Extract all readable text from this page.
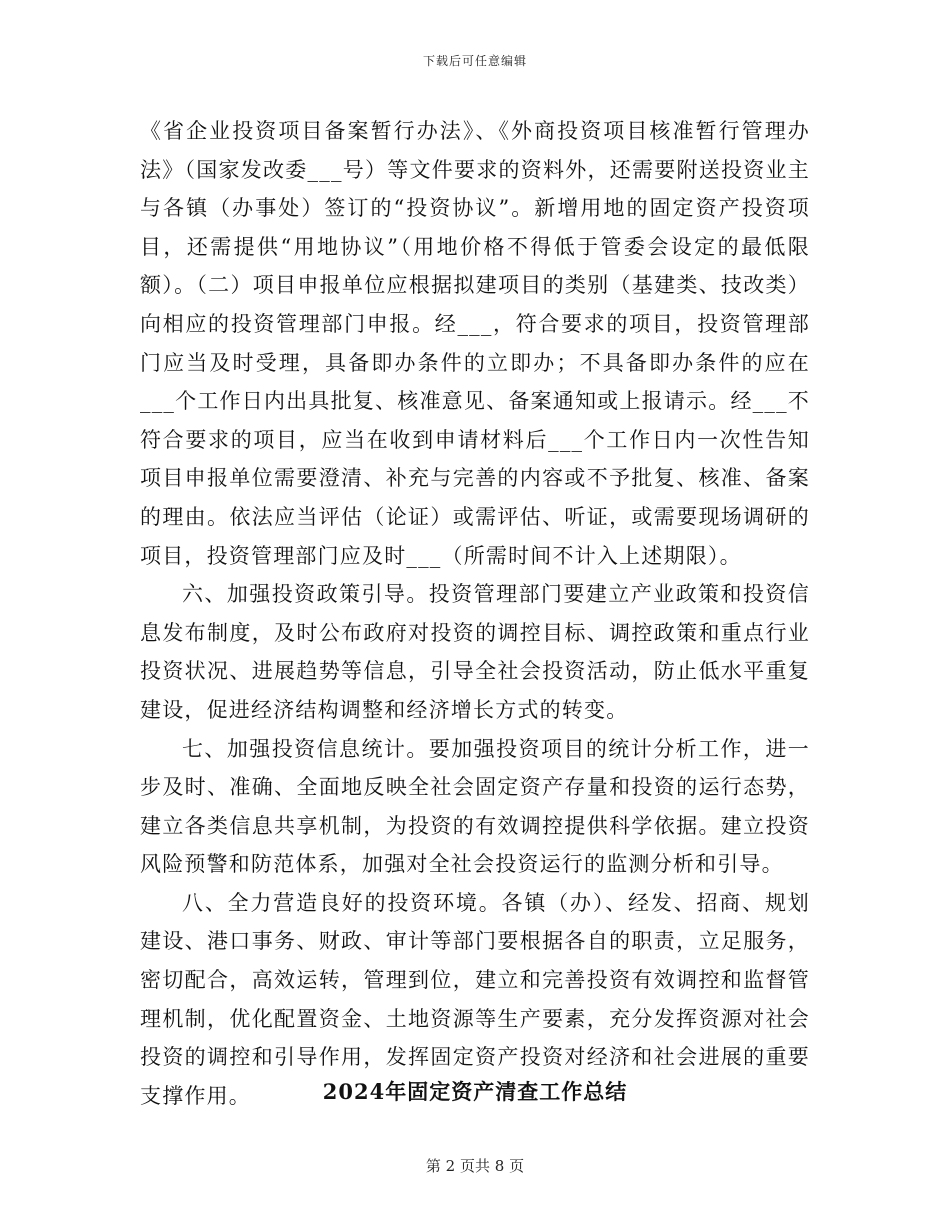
下载后可任意编辑

《省企业投资项目备案暂行办法》、《外商投资项目核准暂行管理办法》（国家发改委___号）等文件要求的资料外，还需要附送投资业主与各镇（办事处）签订的“投资协议”。新增用地的固定资产投资项目，还需提供“用地协议”（用地价格不得低于管委会设定的最低限额）。（二）项目申报单位应根据拟建项目的类别（基建类、技改类）向相应的投资管理部门申报。经___，符合要求的项目，投资管理部门应当及时受理，具备即办条件的立即办；不具备即办条件的应在___个工作日内出具批复、核准意见、备案通知或上报请示。经___不符合要求的项目，应当在收到申请材料后___个工作日内一次性告知项目申报单位需要澄清、补充与完善的内容或不予批复、核准、备案的理由。依法应当评估（论证）或需评估、听证，或需要现场调研的项目，投资管理部门应及时___（所需时间不计入上述期限）。

六、加强投资政策引导。投资管理部门要建立产业政策和投资信息发布制度，及时公布政府对投资的调控目标、调控政策和重点行业投资状况、进展趋势等信息，引导全社会投资活动，防止低水平重复建设，促进经济结构调整和经济增长方式的转变。

七、加强投资信息统计。要加强投资项目的统计分析工作，进一步及时、准确、全面地反映全社会固定资产存量和投资的运行态势，建立各类信息共享机制，为投资的有效调控提供科学依据。建立投资风险预警和防范体系，加强对全社会投资运行的监测分析和引导。

八、全力营造良好的投资环境。各镇（办）、经发、招商、规划建设、港口事务、财政、审计等部门要根据各自的职责，立足服务，密切配合，高效运转，管理到位，建立和完善投资有效调控和监督管理机制，优化配置资金、土地资源等生产要素，充分发挥资源对社会投资的调控和引导作用，发挥固定资产投资对经济和社会进展的重要支撑作用。	2024年固定资产清查工作总结
第 2 页共 8 页
